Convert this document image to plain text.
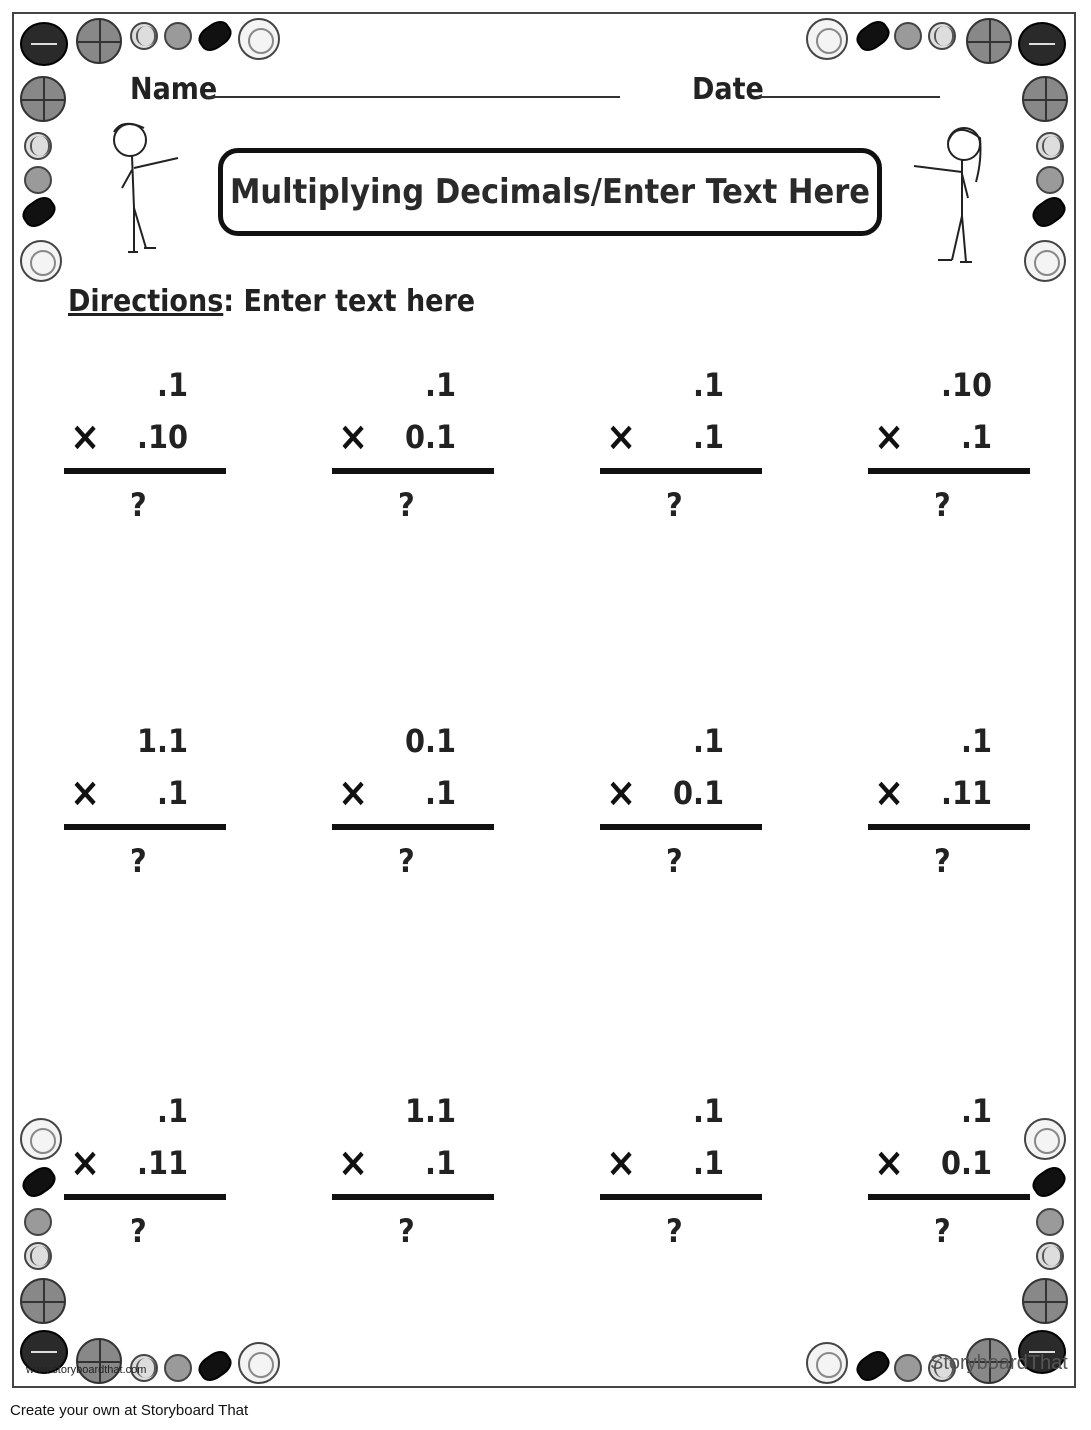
Name	Date
Multiplying Decimals/Enter Text Here
Directions: Enter text here
.1
× .10
?
.1
× 0.1
?
.1
× .1
?
.10
× .1
?
1.1
× .1
?
0.1
× .1
?
.1
× 0.1
?
.1
× .11
?
.1
× .11
?
1.1
× .1
?
.1
× .1
?
.1
× 0.1
?
www.storyboardthat.com	StoryboardThat
Create your own at Storyboard That
